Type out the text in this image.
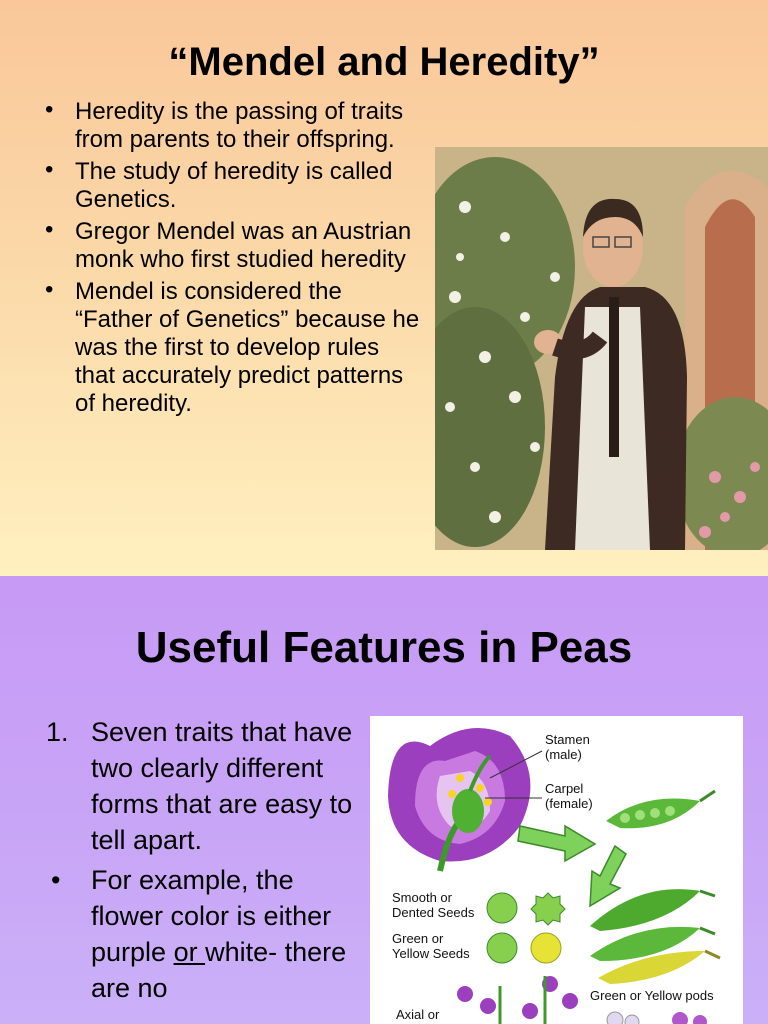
“Mendel and Heredity”
• Heredity is the passing of traits from parents to their offspring.
• The study of heredity is called Genetics.
• Gregor Mendel was an Austrian monk who first studied heredity
• Mendel is considered the “Father of Genetics” because he was the first to develop rules that accurately predict patterns of heredity.
Useful Features in Peas
1. Seven traits that have two clearly different forms that are easy to tell apart.
• For example, the flower color is either purple or white- there are no
Stamen
(male)
Carpel
(female)
Smooth or
Dented Seeds
Green or
Yellow Seeds
Green or Yellow pods
Axial or
